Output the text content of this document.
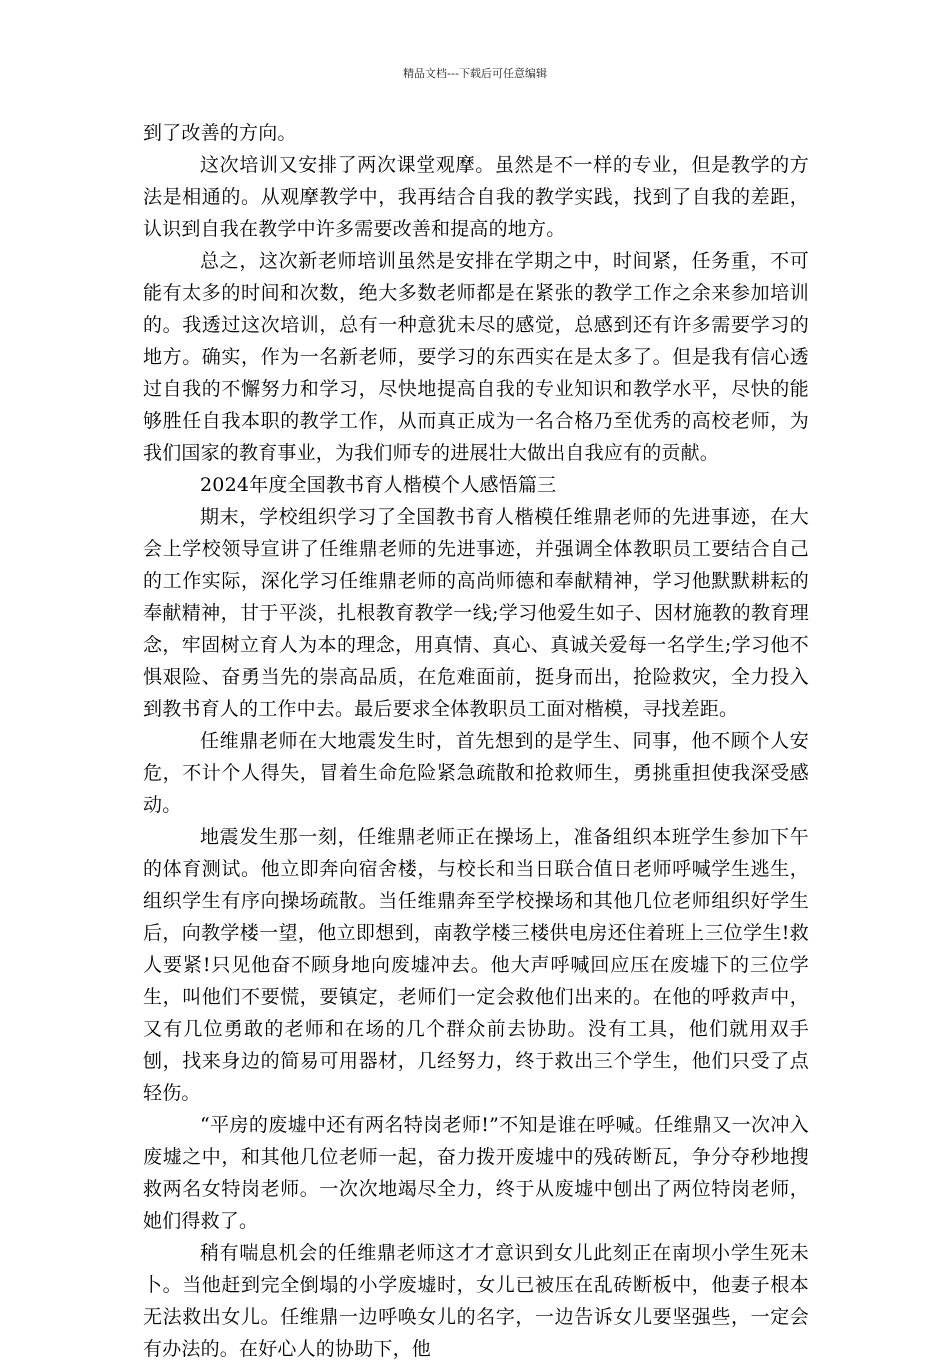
精品文档---下载后可任意编辑

到了改善的方向。

这次培训又安排了两次课堂观摩。虽然是不一样的专业，但是教学的方法是相通的。从观摩教学中，我再结合自我的教学实践，找到了自我的差距，认识到自我在教学中许多需要改善和提高的地方。

总之，这次新老师培训虽然是安排在学期之中，时间紧，任务重，不可能有太多的时间和次数，绝大多数老师都是在紧张的教学工作之余来参加培训的。我透过这次培训，总有一种意犹未尽的感觉，总感到还有许多需要学习的地方。确实，作为一名新老师，要学习的东西实在是太多了。但是我有信心透过自我的不懈努力和学习，尽快地提高自我的专业知识和教学水平，尽快的能够胜任自我本职的教学工作，从而真正成为一名合格乃至优秀的高校老师，为我们国家的教育事业，为我们师专的进展壮大做出自我应有的贡献。

2024年度全国教书育人楷模个人感悟篇三

期末，学校组织学习了全国教书育人楷模任维鼎老师的先进事迹，在大会上学校领导宣讲了任维鼎老师的先进事迹，并强调全体教职员工要结合自己的工作实际，深化学习任维鼎老师的高尚师德和奉献精神，学习他默默耕耘的奉献精神，甘于平淡，扎根教育教学一线;学习他爱生如子、因材施教的教育理念，牢固树立育人为本的理念，用真情、真心、真诚关爱每一名学生;学习他不惧艰险、奋勇当先的崇高品质，在危难面前，挺身而出，抢险救灾，全力投入到教书育人的工作中去。最后要求全体教职员工面对楷模，寻找差距。

任维鼎老师在大地震发生时，首先想到的是学生、同事，他不顾个人安危，不计个人得失，冒着生命危险紧急疏散和抢救师生，勇挑重担使我深受感动。

地震发生那一刻，任维鼎老师正在操场上，准备组织本班学生参加下午的体育测试。他立即奔向宿舍楼，与校长和当日联合值日老师呼喊学生逃生，组织学生有序向操场疏散。当任维鼎奔至学校操场和其他几位老师组织好学生后，向教学楼一望，他立即想到，南教学楼三楼供电房还住着班上三位学生!救人要紧!只见他奋不顾身地向废墟冲去。他大声呼喊回应压在废墟下的三位学生，叫他们不要慌，要镇定，老师们一定会救他们出来的。在他的呼救声中，又有几位勇敢的老师和在场的几个群众前去协助。没有工具，他们就用双手刨，找来身边的简易可用器材，几经努力，终于救出三个学生，他们只受了点轻伤。

“平房的废墟中还有两名特岗老师!”不知是谁在呼喊。任维鼎又一次冲入废墟之中，和其他几位老师一起，奋力拨开废墟中的残砖断瓦，争分夺秒地搜救两名女特岗老师。一次次地竭尽全力，终于从废墟中刨出了两位特岗老师，她们得救了。

稍有喘息机会的任维鼎老师这才才意识到女儿此刻正在南坝小学生死未卜。当他赶到完全倒塌的小学废墟时，女儿已被压在乱砖断板中，他妻子根本无法救出女儿。任维鼎一边呼唤女儿的名字，一边告诉女儿要坚强些，一定会有办法的。在好心人的协助下，他
